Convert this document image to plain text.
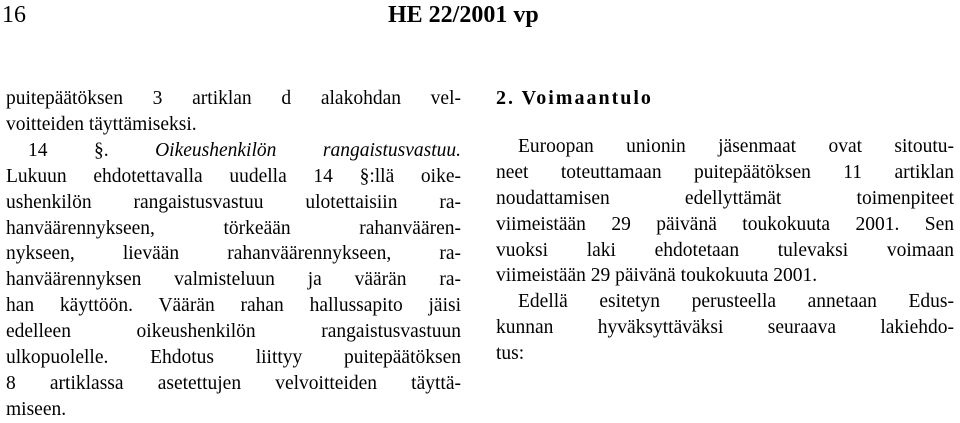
16	HE 22/2001 vp
puitepäätöksen 3 artiklan d alakohdan vel-
voitteiden täyttämiseksi.
14 §. Oikeushenkilön rangaistusvastuu.
Lukuun ehdotettavalla uudella 14 §:llä oike-
ushenkilön rangaistusvastuu ulotettaisiin ra-
hanväärennykseen, törkeään rahanväären-
nykseen, lievään rahanväärennykseen, ra-
hanväärennyksen valmisteluun ja väärän ra-
han käyttöön. Väärän rahan hallussapito jäisi
edelleen oikeushenkilön rangaistusvastuun
ulkopuolelle. Ehdotus liittyy puitepäätöksen
8 artiklassa asetettujen velvoitteiden täyttä-
miseen.
2. Voimaantulo
Euroopan unionin jäsenmaat ovat sitoutu-
neet toteuttamaan puitepäätöksen 11 artiklan
noudattamisen edellyttämät toimenpiteet
viimeistään 29 päivänä toukokuuta 2001. Sen
vuoksi laki ehdotetaan tulevaksi voimaan
viimeistään 29 päivänä toukokuuta 2001.
Edellä esitetyn perusteella annetaan Edus-
kunnan hyväksyttäväksi seuraava lakiehdo-
tus:
